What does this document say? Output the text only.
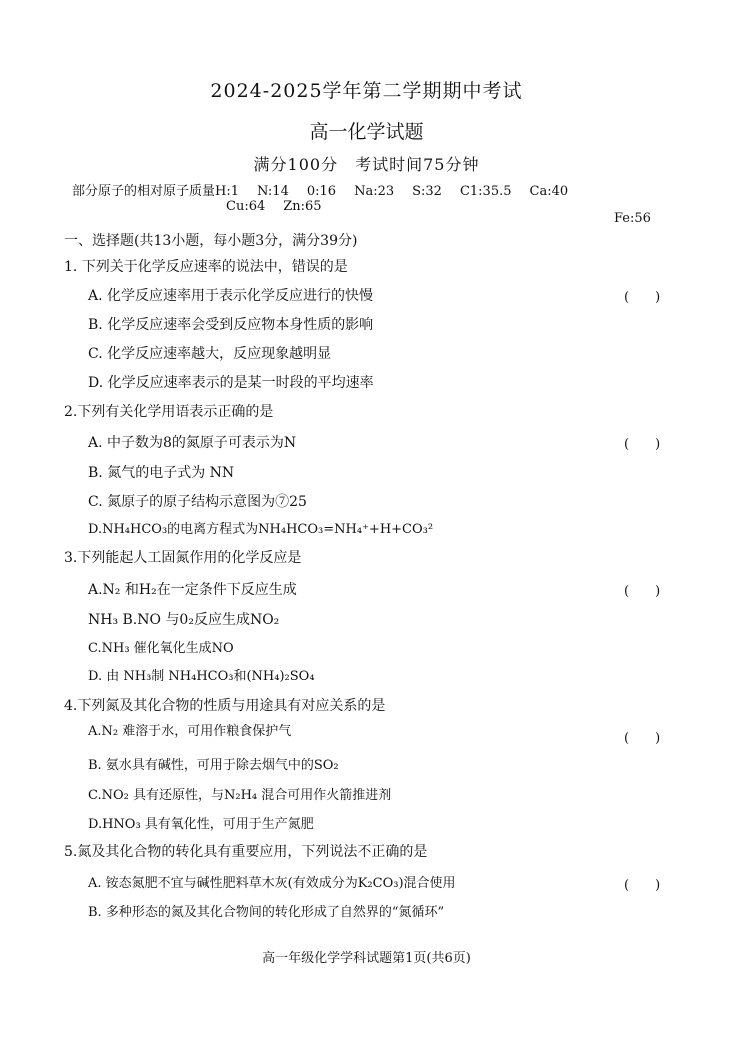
2024-2025学年第二学期期中考试
高一化学试题
满分100分　考试时间75分钟
部分原子的相对原子质量H:1 N:14 0:16 Na:23 S:32 C1:35.5 Ca:40
Cu:64 Zn:65
Fe:56
一、选择题(共13小题，每小题3分，满分39分)
1. 下列关于化学反应速率的说法中，错误的是
A. 化学反应速率用于表示化学反应进行的快慢	(　　)
B. 化学反应速率会受到反应物本身性质的影响
C. 化学反应速率越大，反应现象越明显
D. 化学反应速率表示的是某一时段的平均速率
2.下列有关化学用语表示正确的是
A. 中子数为8的氮原子可表示为N	(　　)
B. 氮气的电子式为 NN
C. 氮原子的原子结构示意图为⑦25
D.NH₄HCO₃的电离方程式为NH₄HCO₃=NH₄⁺+H+CO₃²
3.下列能起人工固氮作用的化学反应是
A.N₂ 和H₂在一定条件下反应生成	(　　)
NH₃ B.NO 与0₂反应生成NO₂
C.NH₃ 催化氧化生成NO
D. 由 NH₃制 NH₄HCO₃和(NH₄)₂SO₄
4.下列氮及其化合物的性质与用途具有对应关系的是
A.N₂ 难溶于水，可用作粮食保护气	(　　)
B. 氨水具有碱性，可用于除去烟气中的SO₂
C.NO₂ 具有还原性，与N₂H₄ 混合可用作火箭推进剂
D.HNO₃ 具有氧化性，可用于生产氮肥
5.氮及其化合物的转化具有重要应用，下列说法不正确的是
A. 铵态氮肥不宜与碱性肥料草木灰(有效成分为K₂CO₃)混合使用	(　　)
B. 多种形态的氮及其化合物间的转化形成了自然界的“氮循环”
高一年级化学学科试题第1页(共6页)
